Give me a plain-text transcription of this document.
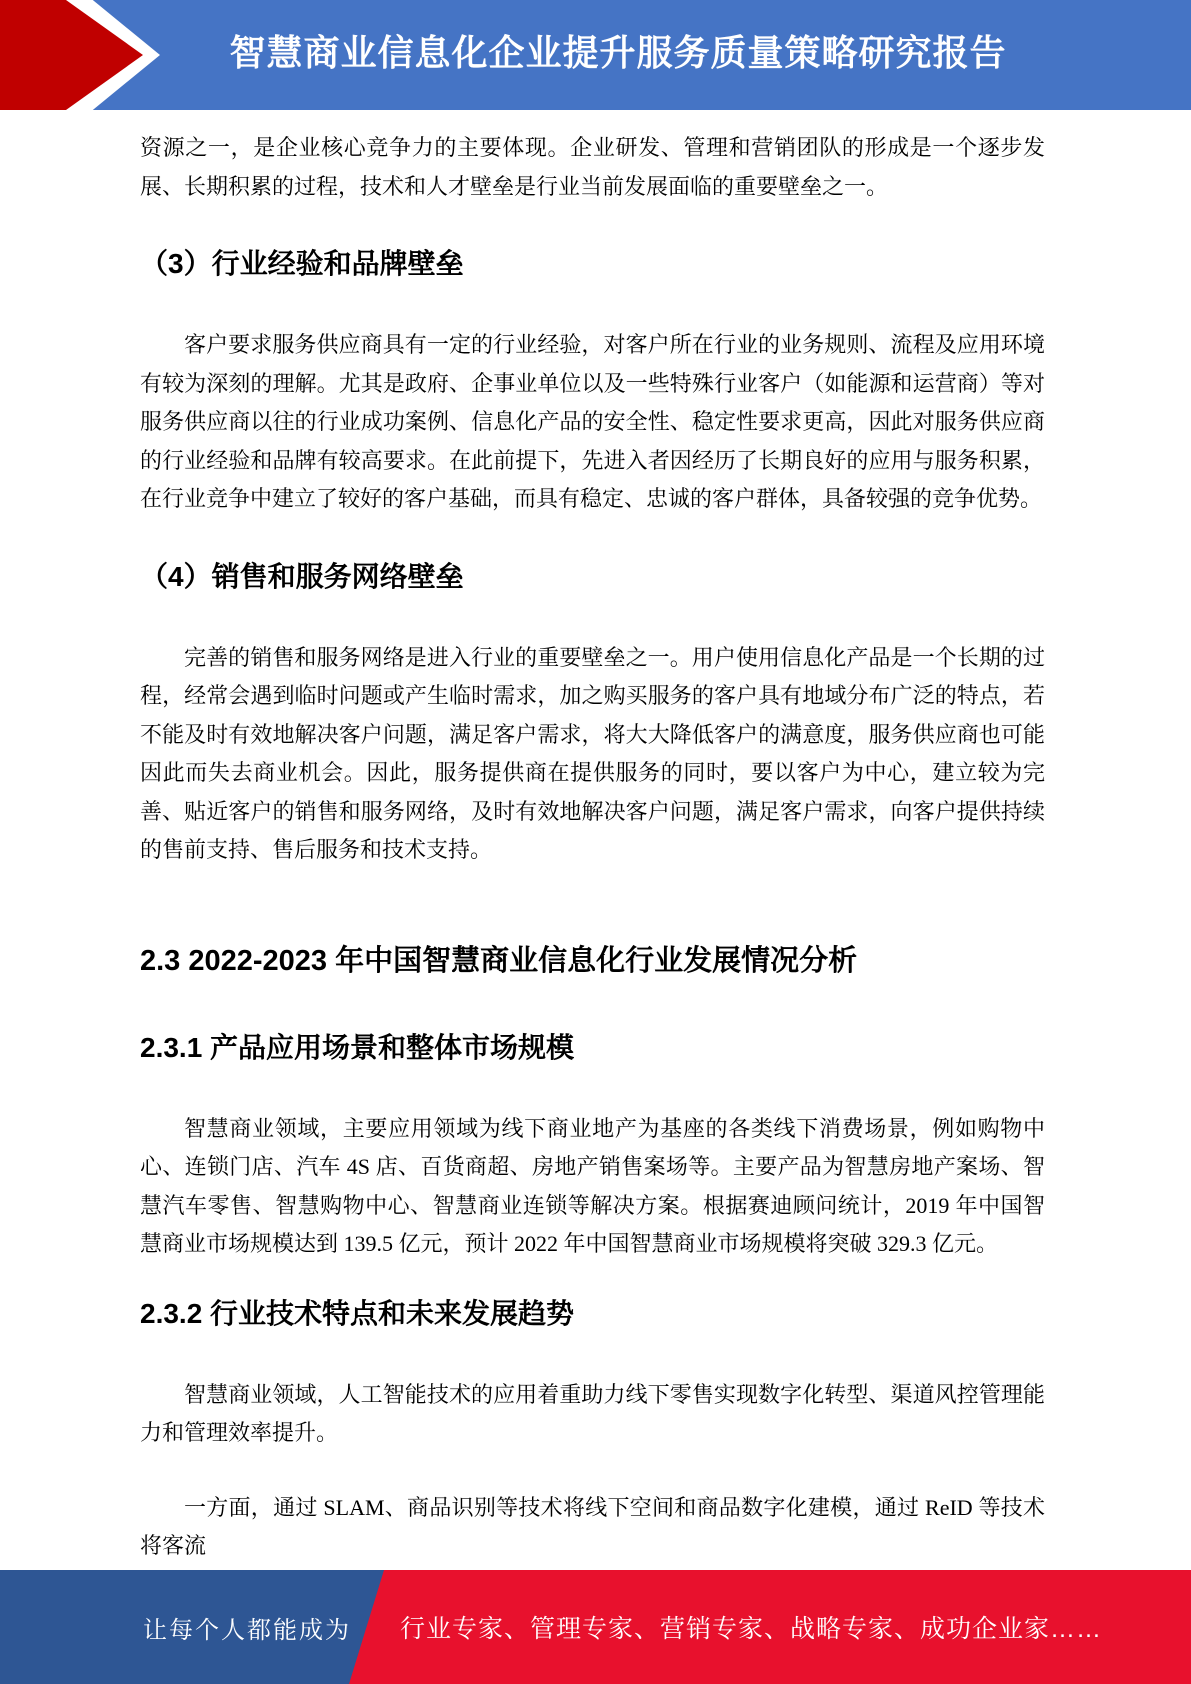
智慧商业信息化企业提升服务质量策略研究报告

资源之一，是企业核心竞争力的主要体现。企业研发、管理和营销团队的形成是一个逐步发展、长期积累的过程，技术和人才壁垒是行业当前发展面临的重要壁垒之一。

（3）行业经验和品牌壁垒

客户要求服务供应商具有一定的行业经验，对客户所在行业的业务规则、流程及应用环境有较为深刻的理解。尤其是政府、企事业单位以及一些特殊行业客户（如能源和运营商）等对服务供应商以往的行业成功案例、信息化产品的安全性、稳定性要求更高，因此对服务供应商的行业经验和品牌有较高要求。在此前提下，先进入者因经历了长期良好的应用与服务积累，在行业竞争中建立了较好的客户基础，而具有稳定、忠诚的客户群体，具备较强的竞争优势。

（4）销售和服务网络壁垒

完善的销售和服务网络是进入行业的重要壁垒之一。用户使用信息化产品是一个长期的过程，经常会遇到临时问题或产生临时需求，加之购买服务的客户具有地域分布广泛的特点，若不能及时有效地解决客户问题，满足客户需求，将大大降低客户的满意度，服务供应商也可能因此而失去商业机会。因此，服务提供商在提供服务的同时，要以客户为中心，建立较为完善、贴近客户的销售和服务网络，及时有效地解决客户问题，满足客户需求，向客户提供持续的售前支持、售后服务和技术支持。

2.3 2022-2023 年中国智慧商业信息化行业发展情况分析
2.3.1 产品应用场景和整体市场规模

智慧商业领域，主要应用领域为线下商业地产为基座的各类线下消费场景，例如购物中心、连锁门店、汽车 4S 店、百货商超、房地产销售案场等。主要产品为智慧房地产案场、智慧汽车零售、智慧购物中心、智慧商业连锁等解决方案。根据赛迪顾问统计，2019 年中国智慧商业市场规模达到 139.5 亿元，预计 2022 年中国智慧商业市场规模将突破 329.3 亿元。

2.3.2 行业技术特点和未来发展趋势

智慧商业领域，人工智能技术的应用着重助力线下零售实现数字化转型、渠道风控管理能力和管理效率提升。

一方面，通过 SLAM、商品识别等技术将线下空间和商品数字化建模，通过 ReID 等技术将客流

让每个人都能成为 行业专家、管理专家、营销专家、战略专家、成功企业家……
